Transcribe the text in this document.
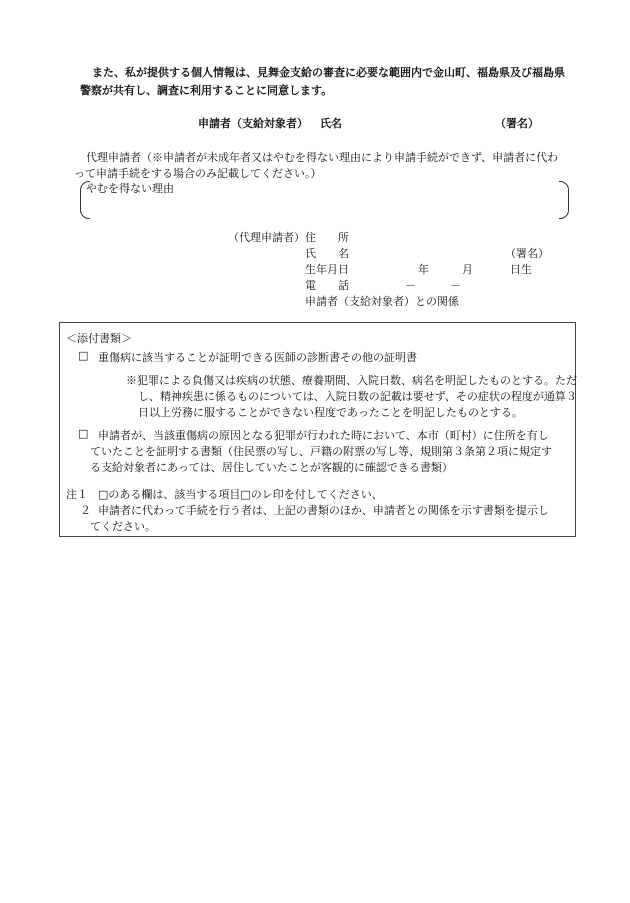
また、私が提供する個人情報は、見舞金支給の審査に必要な範囲内で金山町、福島県及び福島県
警察が共有し、調査に利用することに同意します。
申請者（支給対象者） 氏名	（署名）
代理申請者（※申請者が未成年者又はやむを得ない理由により申請手続ができず、申請者に代わ
って申請手続をする場合のみ記載してください。）
やむを得ない理由
（代理申請者） 住　　所
氏　　名	（署名）
生年月日	年	月	日生
電　　話	－	－
申請者（支給対象者）との関係
＜添付書類＞
□ 重傷病に該当することが証明できる医師の診断書その他の証明書
※犯罪による負傷又は疾病の状態、療養期間、入院日数、病名を明記したものとする。ただ
し、精神疾患に係るものについては、入院日数の記載は要せず、その症状の程度が通算３
日以上労務に服することができない程度であったことを明記したものとする。
□ 申請者が、当該重傷病の原因となる犯罪が行われた時において、本市（町村）に住所を有し
ていたことを証明する書類（住民票の写し、戸籍の附票の写し等、規則第３条第２項に規定す
る支給対象者にあっては、居住していたことが客観的に確認できる書類）
注１ □のある欄は、該当する項目□のレ印を付してください、
２ 申請者に代わって手続を行う者は、上記の書類のほか、申請者との関係を示す書類を提示し
てください。
